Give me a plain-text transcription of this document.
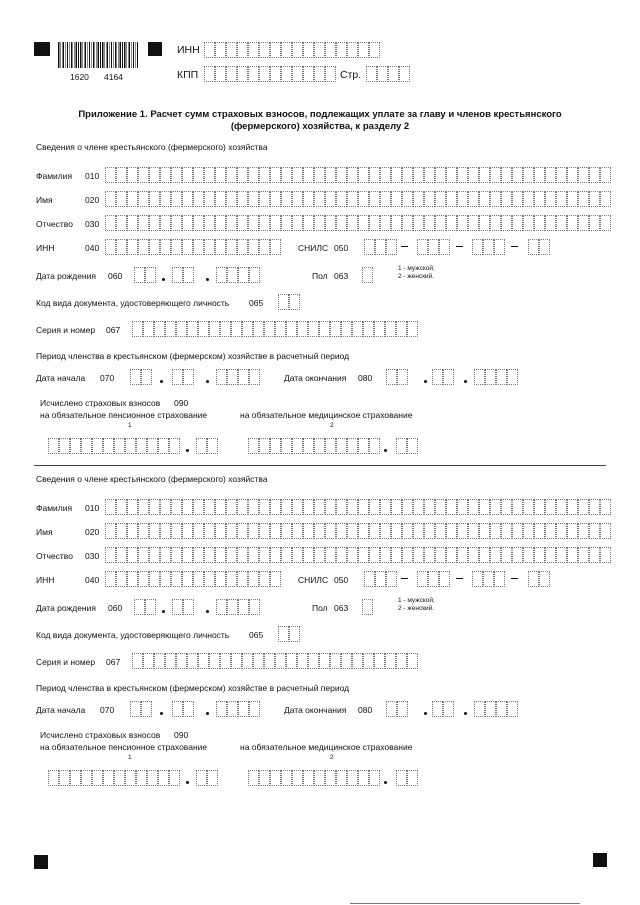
1620 4164
ИНН
КПП	Стр.
Приложение 1. Расчет сумм страховых взносов, подлежащих уплате за главу и членов крестьянского
(фермерского) хозяйства, к разделу 2
Сведения о члене крестьянского (фермерского) хозяйства
Фамилия 010
Имя	020
Отчество 030
ИНН	040	СНИЛС 050
Дата рождения 060	Пол 063
1 - мужской;
2 - женский.
Код вида документа, удостоверяющего личность 065
Серия и номер 067
Период членства в крестьянском (фермерском) хозяйстве в расчетный период
Дата начала 070	Дата окончания 080
Исчислено страховых взносов 090
на обязательное пенсионное страхование	на обязательное медицинское страхование
1	2
Сведения о члене крестьянского (фермерского) хозяйства
Фамилия 010
Имя	020
Отчество 030
ИНН	040	СНИЛС 050
Дата рождения 060	Пол 063
1 - мужской;
2 - женский.
Код вида документа, удостоверяющего личность 065
Серия и номер 067
Период членства в крестьянском (фермерском) хозяйстве в расчетный период
Дата начала 070	Дата окончания 080
Исчислено страховых взносов 090
на обязательное пенсионное страхование	на обязательное медицинское страхование
1	2
